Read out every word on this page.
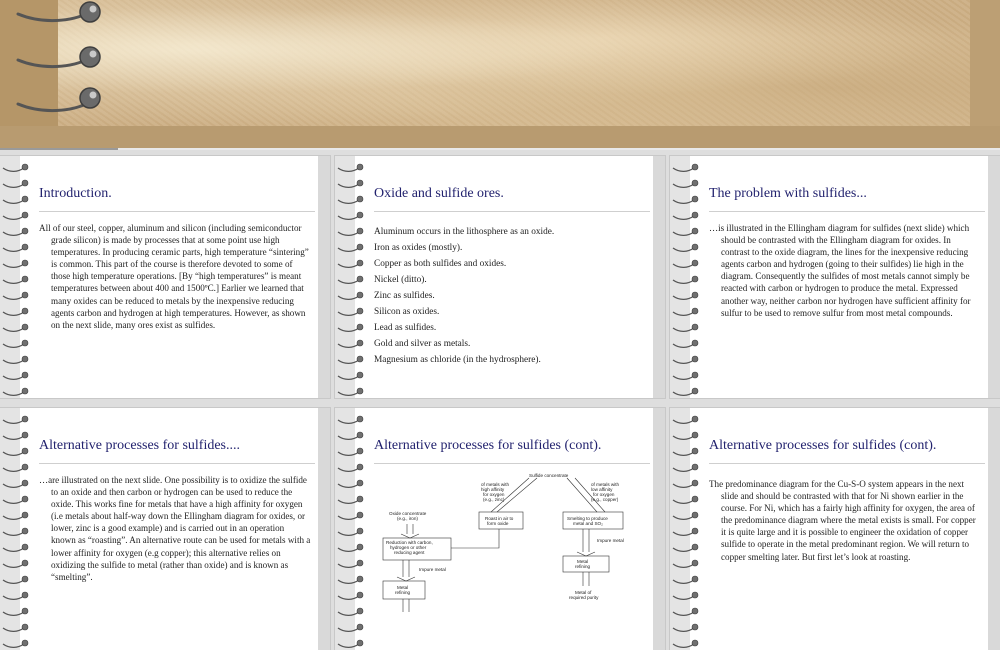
Introduction.

All of our steel, copper, aluminum and silicon (including semiconductor grade silicon) is made by processes that at some point use high temperatures. In producing ceramic parts, high temperature “sintering” is common. This part of the course is therefore devoted to some of those high temperature operations. [By “high temperatures” is meant temperatures between about 400 and 1500ºC.] Earlier we learned that many oxides can be reduced to metals by the inexpensive reducing agents carbon and hydrogen at high temperatures. However, as shown on the next slide, many ores exist as sulfides.

Oxide and sulfide ores.
Aluminum occurs in the lithosphere as an oxide.
Iron as oxides (mostly).
Copper as both sulfides and oxides.
Nickel (ditto).
Zinc as sulfides.
Silicon as oxides.
Lead as sulfides.
Gold and silver as metals.
Magnesium as chloride (in the hydrosphere).
The problem with sulfides...

…is illustrated in the Ellingham diagram for sulfides (next slide) which should be contrasted with the Ellingham diagram for oxides. In contrast to the oxide diagram, the lines for the inexpensive reducing agents carbon and hydrogen (going to their sulfides) lie high in the diagram. Consequently the sulfides of most metals cannot simply be reacted with carbon or hydrogen to produce the metal. Expressed another way, neither carbon nor hydrogen have sufficient affinity for sulfur to be used to remove sulfur from most metal compounds.

Alternative processes for sulfides....

…are illustrated on the next slide. One possibility is to oxidize the sulfide to an oxide and then carbon or hydrogen can be used to reduce the oxide. This works fine for metals that have a high affinity for oxygen (i.e metals about half-way down the Ellingham diagram for oxides, or lower, zinc is a good example) and is carried out in an operation known as “roasting”. An alternative route can be used for metals with a lower affinity for oxygen (e.g copper); this alternative relies on oxidizing the sulfide to metal (rather than oxide) and is known as “smelting”.

Alternative processes for sulfides (cont).
Sulfide concentrate
of metals with
high affinity
for oxygen
(e.g., zinc)
of metals with
low affinity
for oxygen
(e.g., copper)
Oxide concentrate
(e.g., iron)	Roast in air to
form oxide
Smelting to produce
metal and SO₂
Reduction with carbon,
hydrogen or other
reducing agent
Impure metal
Impure metal
Metal
refining
Metal
refining
Metal of
required purity
Alternative processes for sulfides (cont).

The predominance diagram for the Cu-S-O system appears in the next slide and should be contrasted with that for Ni shown earlier in the course. For Ni, which has a fairly high affinity for oxygen, the area of the predominance diagram where the metal exists is small. For copper it is quite large and it is possible to engineer the oxidation of copper sulfide to operate in the metal predominant region. We will return to copper smelting later. But first let’s look at roasting.
